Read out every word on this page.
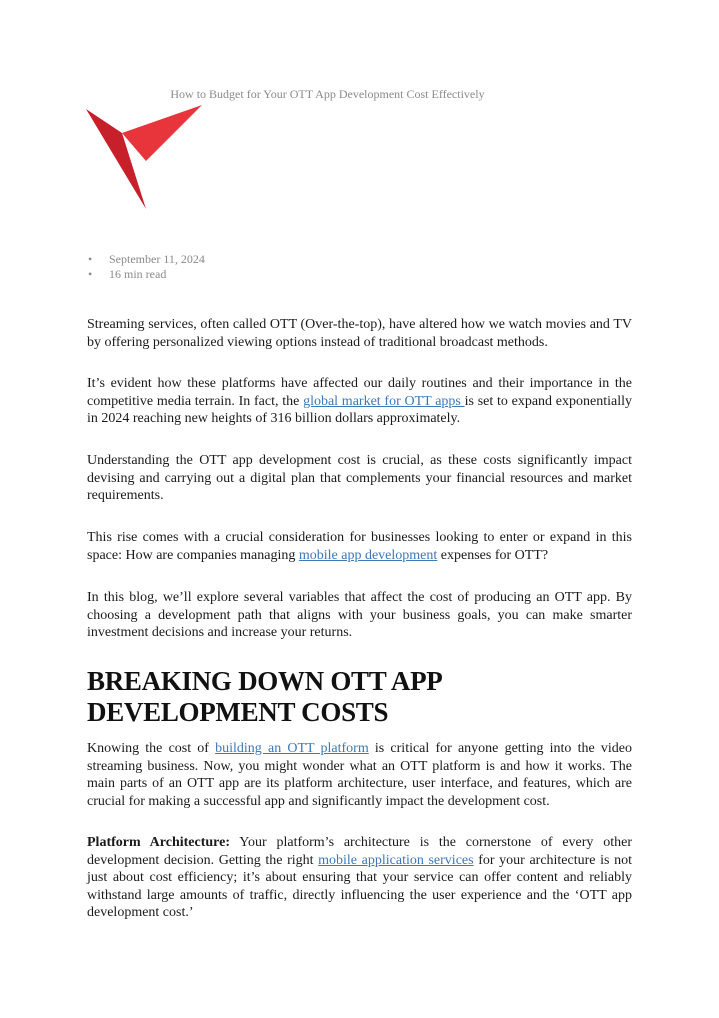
How to Budget for Your OTT App Development Cost Effectively
• September 11, 2024
• 16 min read

Streaming services, often called OTT (Over-the-top), have altered how we watch movies and TV by offering personalized viewing options instead of traditional broadcast methods.

It’s evident how these platforms have affected our daily routines and their importance in the competitive media terrain. In fact, the global market for OTT apps is set to expand exponentially in 2024 reaching new heights of 316 billion dollars approximately.

Understanding the OTT app development cost is crucial, as these costs significantly impact devising and carrying out a digital plan that complements your financial resources and market requirements.

This rise comes with a crucial consideration for businesses looking to enter or expand in this space: How are companies managing mobile app development expenses for OTT?

In this blog, we’ll explore several variables that affect the cost of producing an OTT app. By choosing a development path that aligns with your business goals, you can make smarter investment decisions and increase your returns.

BREAKING DOWN OTT APP DEVELOPMENT COSTS

Knowing the cost of building an OTT platform is critical for anyone getting into the video streaming business. Now, you might wonder what an OTT platform is and how it works. The main parts of an OTT app are its platform architecture, user interface, and features, which are crucial for making a successful app and significantly impact the development cost.

Platform Architecture: Your platform’s architecture is the cornerstone of every other development decision. Getting the right mobile application services for your architecture is not just about cost efficiency; it’s about ensuring that your service can offer content and reliably withstand large amounts of traffic, directly influencing the user experience and the ‘OTT app development cost.’
